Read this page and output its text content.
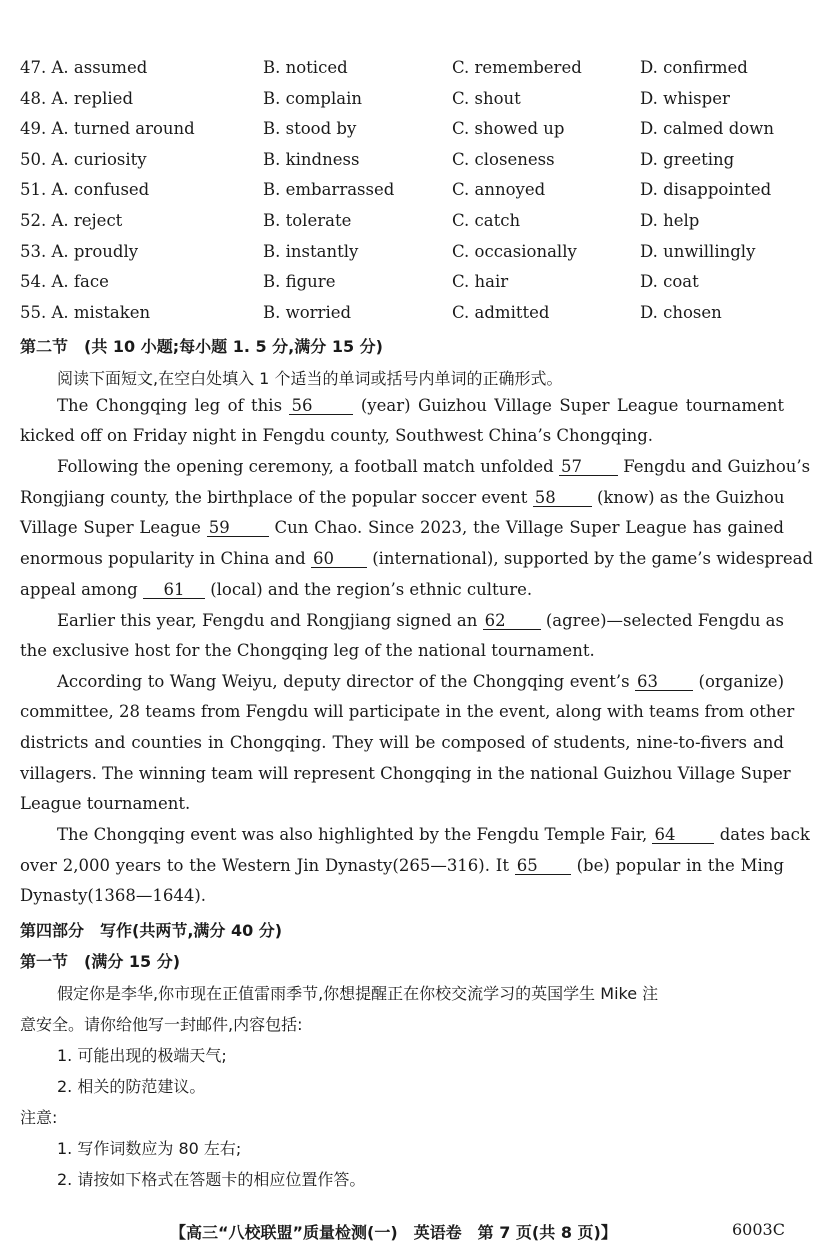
47. A. assumed	B. noticed	C. remembered	D. confirmed
48. A. replied	B. complain	C. shout	D. whisper
49. A. turned around	B. stood by	C. showed up	D. calmed down
50. A. curiosity	B. kindness	C. closeness	D. greeting
51. A. confused	B. embarrassed	C. annoyed	D. disappointed
52. A. reject	B. tolerate	C. catch	D. help
53. A. proudly	B. instantly	C. occasionally	D. unwillingly
54. A. face	B. figure	C. hair	D. coat
55. A. mistaken	B. worried	C. admitted	D. chosen
第二节　(共 10 小题;每小题 1. 5 分,满分 15 分)
阅读下面短文,在空白处填入 1 个适当的单词或括号内单词的正确形式。
The Chongqing leg of this 56	(year) Guizhou Village Super League tournament
kicked off on Friday night in Fengdu county, Southwest China’s Chongqing.
Following the opening ceremony, a football match unfolded 57	Fengdu and Guizhou’s
Rongjiang county, the birthplace of the popular soccer event 58	(know) as the Guizhou
Village Super League 59	Cun Chao. Since 2023, the Village Super League has gained
enormous popularity in China and 60 (international), supported by the game’s widespread
appeal among 61 (local) and the region’s ethnic culture.
Earlier this year, Fengdu and Rongjiang signed an 62 (agree)—selected Fengdu as
the exclusive host for the Chongqing leg of the national tournament.
According to Wang Weiyu, deputy director of the Chongqing event’s 63 (organize)
committee, 28 teams from Fengdu will participate in the event, along with teams from other
districts and counties in Chongqing. They will be composed of students, nine-to-fivers and
villagers. The winning team will represent Chongqing in the national Guizhou Village Super
League tournament.
The Chongqing event was also highlighted by the Fengdu Temple Fair, 64	dates back
over 2,000 years to the Western Jin Dynasty(265—316). It 65 (be) popular in the Ming
Dynasty(1368—1644).
第四部分　写作(共两节,满分 40 分)
第一节　(满分 15 分)
假定你是李华,你市现在正值雷雨季节,你想提醒正在你校交流学习的英国学生 Mike 注
意安全。请你给他写一封邮件,内容包括:
1. 可能出现的极端天气;
2. 相关的防范建议。
注意:
1. 写作词数应为 80 左右;
2. 请按如下格式在答题卡的相应位置作答。
【高三“八校联盟”质量检测(一)　英语卷　第 7 页(共 8 页)】	6003C
